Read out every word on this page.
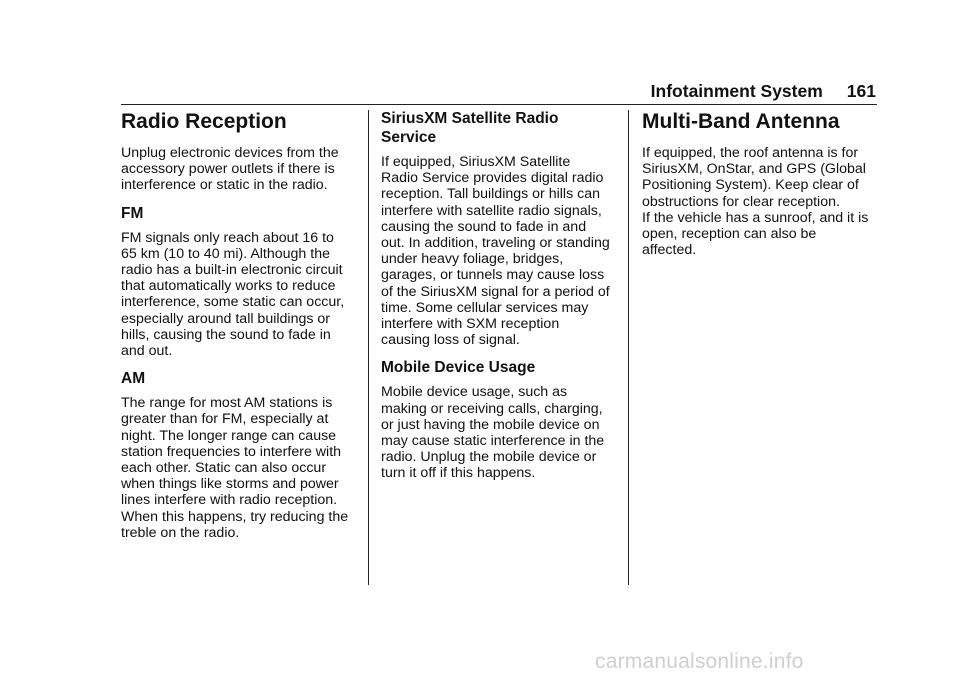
Infotainment System 161
Radio Reception

Unplug electronic devices from the
accessory power outlets if there is
interference or static in the radio.

FM

FM signals only reach about 16 to
65 km (10 to 40 mi). Although the
radio has a built-in electronic circuit
that automatically works to reduce
interference, some static can occur,
especially around tall buildings or
hills, causing the sound to fade in
and out.

AM

The range for most AM stations is
greater than for FM, especially at
night. The longer range can cause
station frequencies to interfere with
each other. Static can also occur
when things like storms and power
lines interfere with radio reception.
When this happens, try reducing the
treble on the radio.

SiriusXM Satellite Radio
Service

If equipped, SiriusXM Satellite
Radio Service provides digital radio
reception. Tall buildings or hills can
interfere with satellite radio signals,
causing the sound to fade in and
out. In addition, traveling or standing
under heavy foliage, bridges,
garages, or tunnels may cause loss
of the SiriusXM signal for a period of
time. Some cellular services may
interfere with SXM reception
causing loss of signal.

Mobile Device Usage

Mobile device usage, such as
making or receiving calls, charging,
or just having the mobile device on
may cause static interference in the
radio. Unplug the mobile device or
turn it off if this happens.

Multi-Band Antenna

If equipped, the roof antenna is for
SiriusXM, OnStar, and GPS (Global
Positioning System). Keep clear of
obstructions for clear reception.

If the vehicle has a sunroof, and it is
open, reception can also be
affected.

carmanualsonline.info
